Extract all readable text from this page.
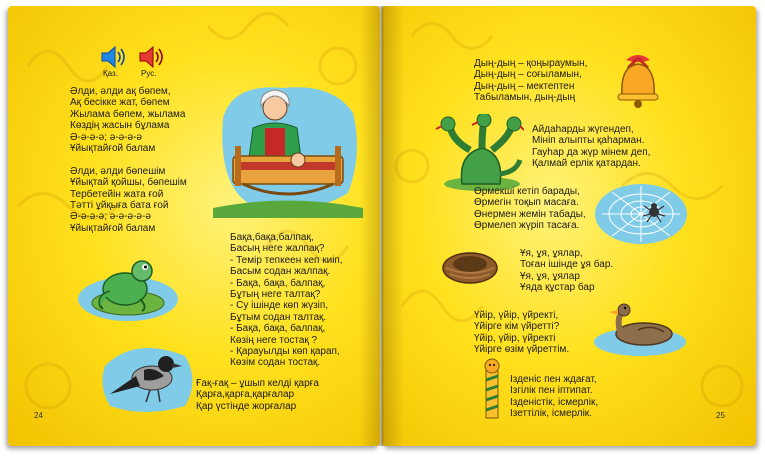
Қаз.	Рус.
Әлди, әлди ақ бөпем,
Ақ бесікке жат, бөпем
Жылама бөпем, жылама
Көздің жасын бұлама
Ә-ә-ә-ә; ә-ә-ә-ә
Ұйықтайғой балам
Әлди, әлди бөпешім
Ұйықтай қойшы, бөпешім
Тербетейін жата ғой
Тәтті ұйқыға бата ғой
Ә-ә-ә-ә; ә-ә-ә-ә-ә
Ұйықтайғой балам
Бақа,бақа,балпақ,
Басың неге жалпақ?
- Темір тепкеен кеп киіп,
Басым содан жалпақ.
- Бақа, бақа, балпақ,
Бұтың неге талтақ?
- Су ішінде көп жүзіп,
Бұтым содан талтақ.
- Бақа, бақа, балпақ,
Көзің неге тостақ ?
- Қарауылды көп қарап,
Көзім содан тостақ.
Ғақ-ғақ – ұшып келді қарға
Қарға,қарға,қарғалар
Қар үстінде жорғалар
24
Дың-дың – қоңыраумын,
Дың-дың – соғыламын,
Дың-дың – мектептен
Табыламын, дың-дың
Айдаһарды жүгендеп,
Мініп алыпты қаһарман.
Гауһар да жүр мінем деп,
Қалмай ерлік қатардан.
Өрмекші кетіп барады,
Өрмегін тоқып масаға.
Өнермен жемін табады,
Өрмелеп жүріп тасаға.
Ұя, ұя, ұялар,
Тоған ішінде ұя бар.
Ұя, ұя, ұялар
Ұяда құстар бар
Үйір, үйір, үйректі,
Үйірге кім үйретті?
Үйір, үйір, үйректі
Үйірге өзім үйреттім.
Ізденіс пен ждағат,
Ізгілік пен іптипат.
Ізденістік, ісмерлік,
Ізеттілік, ісмерлік.	25
